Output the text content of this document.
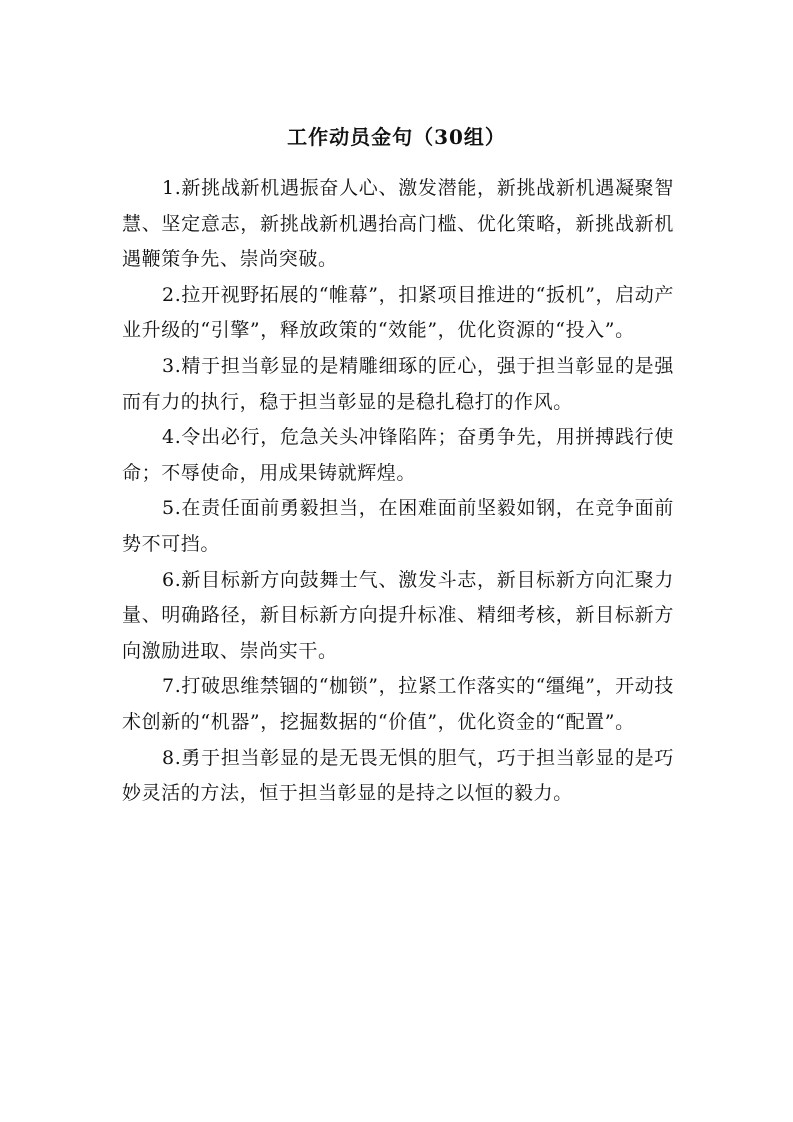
工作动员金句（30组）

1.新挑战新机遇振奋人心、激发潜能，新挑战新机遇凝聚智慧、坚定意志，新挑战新机遇抬高门槛、优化策略，新挑战新机遇鞭策争先、崇尚突破。

2.拉开视野拓展的“帷幕”，扣紧项目推进的“扳机”，启动产业升级的“引擎”，释放政策的“效能”，优化资源的“投入”。

3.精于担当彰显的是精雕细琢的匠心，强于担当彰显的是强而有力的执行，稳于担当彰显的是稳扎稳打的作风。

4.令出必行，危急关头冲锋陷阵；奋勇争先，用拼搏践行使命；不辱使命，用成果铸就辉煌。

5.在责任面前勇毅担当，在困难面前坚毅如钢，在竞争面前势不可挡。

6.新目标新方向鼓舞士气、激发斗志，新目标新方向汇聚力量、明确路径，新目标新方向提升标准、精细考核，新目标新方向激励进取、崇尚实干。

7.打破思维禁锢的“枷锁”，拉紧工作落实的“缰绳”，开动技术创新的“机器”，挖掘数据的“价值”，优化资金的“配置”。

8.勇于担当彰显的是无畏无惧的胆气，巧于担当彰显的是巧妙灵活的方法，恒于担当彰显的是持之以恒的毅力。
